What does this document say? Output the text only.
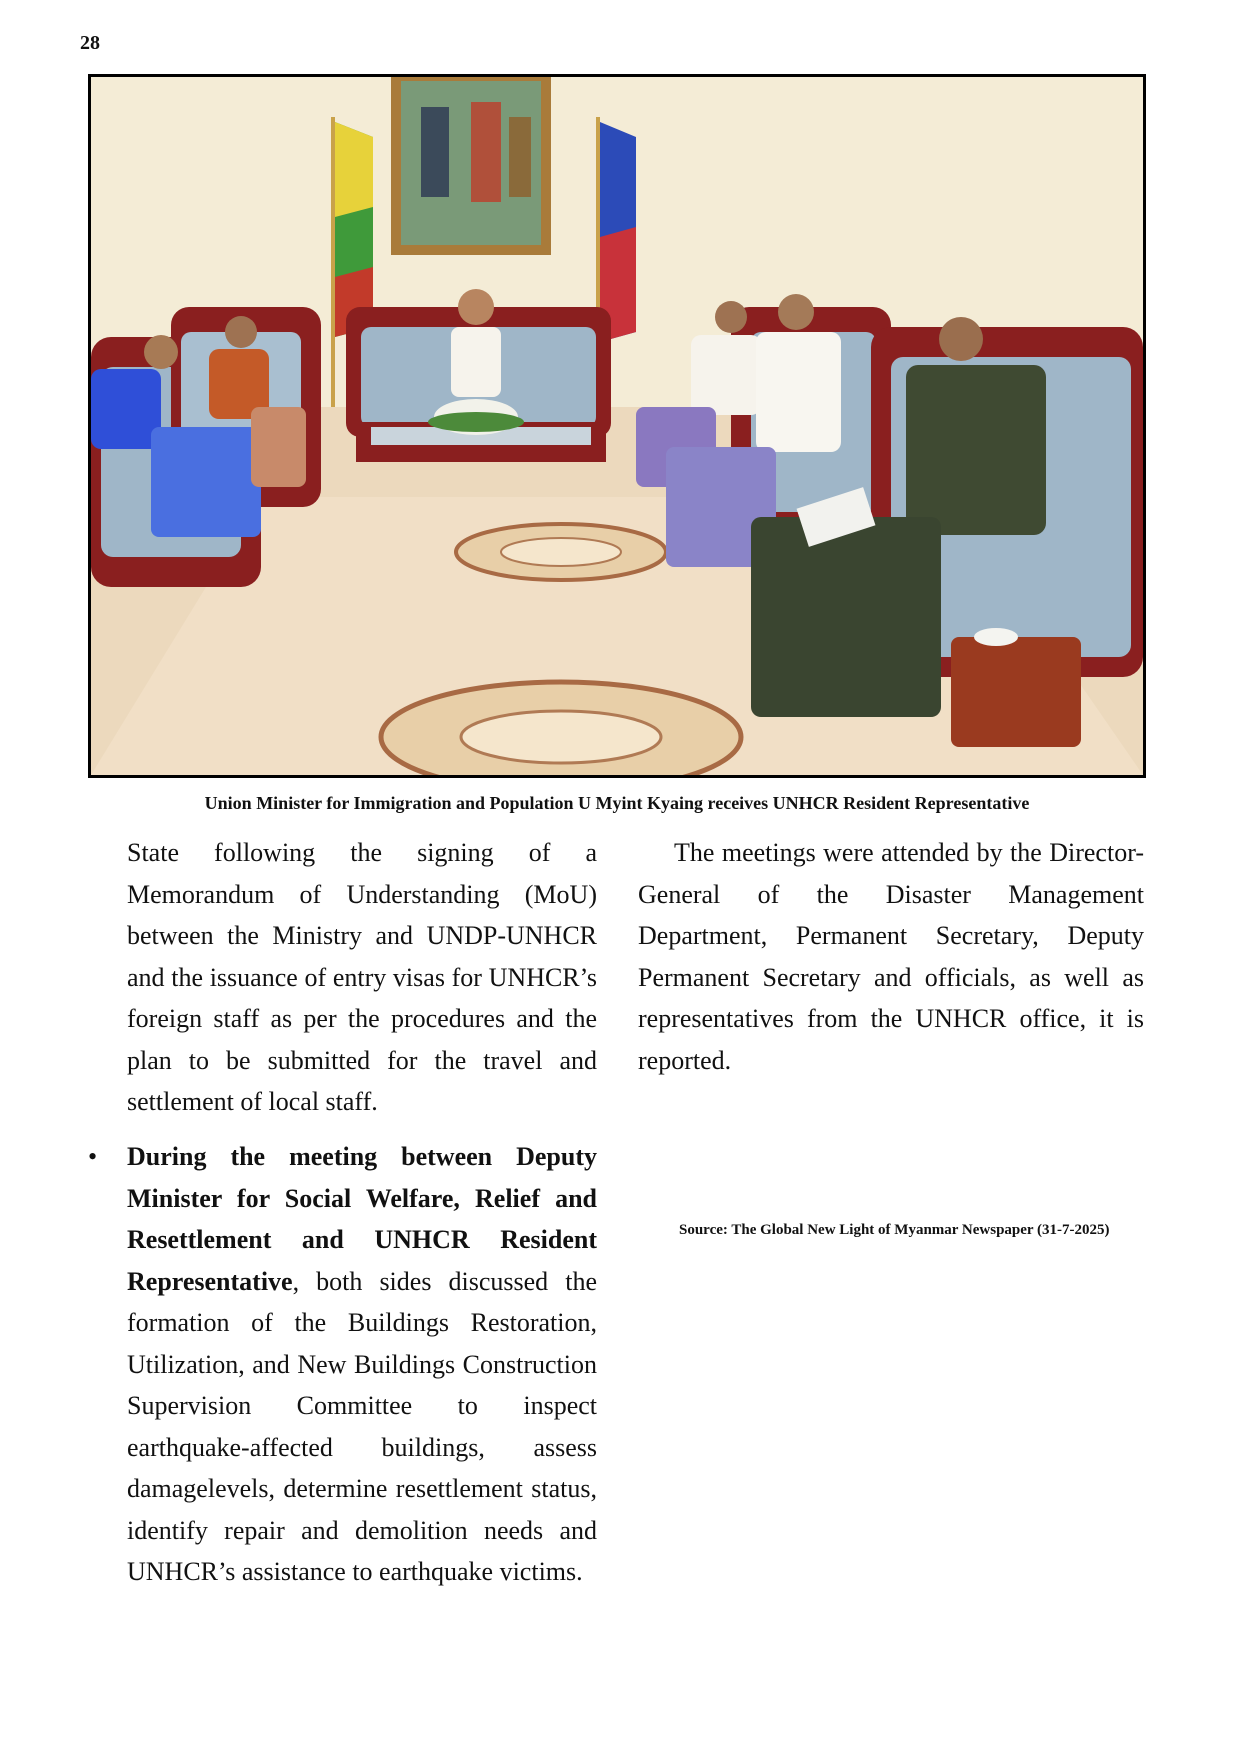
28
Union Minister for Immigration and Population U Myint Kyaing receives UNHCR Resident Representative

State following the signing of a Memorandum of Understanding (MoU) between the Ministry and UNDP-UNHCR and the issuance of entry visas for UNHCR’s foreign staff as per the procedures and the plan to be submitted for the travel and settlement of local staff.

• During the meeting between Deputy Minister for Social Welfare, Relief and Resettlement and UNHCR Resident Representative, both sides discussed the formation of the Buildings Restoration, Utilization, and New Buildings Construction Supervision Committee to inspect earthquake-affected buildings, assess damagelevels, determine resettlement status, identify repair and demolition needs and UNHCR’s assistance to earthquake victims.

The meetings were attended by the Director-General of the Disaster Management Department, Permanent Secretary, Deputy Permanent Secretary and officials, as well as representatives from the UNHCR office, it is reported.

Source: The Global New Light of Myanmar Newspaper (31-7-2025)
